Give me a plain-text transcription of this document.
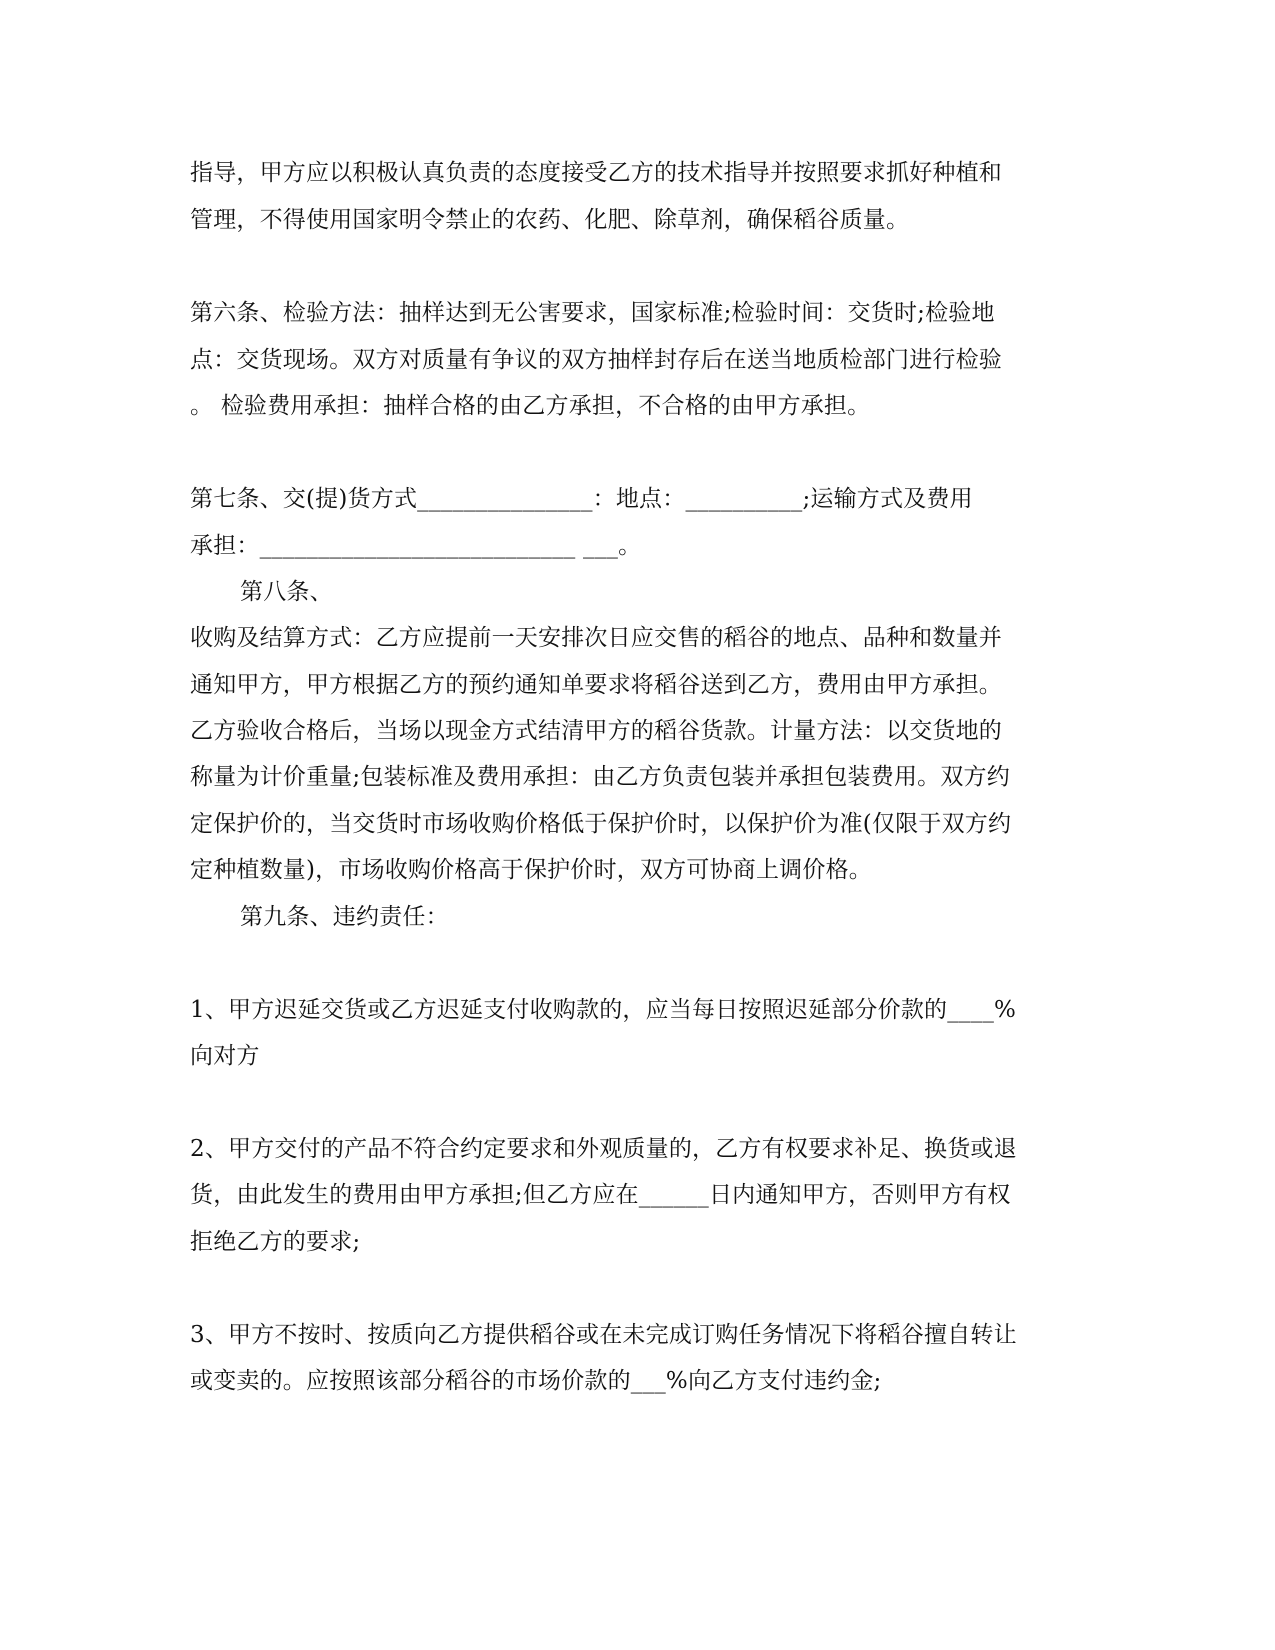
指导，甲方应以积极认真负责的态度接受乙方的技术指导并按照要求抓好种植和
管理，不得使用国家明令禁止的农药、化肥、除草剂，确保稻谷质量。
第六条、检验方法：抽样达到无公害要求，国家标准;检验时间：交货时;检验地
点：交货现场。双方对质量有争议的双方抽样封存后在送当地质检部门进行检验
。 检验费用承担：抽样合格的由乙方承担，不合格的由甲方承担。
第七条、交(提)货方式_______________：地点：__________;运输方式及费用
承担：___________________________ ___。
第八条、
收购及结算方式：乙方应提前一天安排次日应交售的稻谷的地点、品种和数量并
通知甲方，甲方根据乙方的预约通知单要求将稻谷送到乙方，费用由甲方承担。
乙方验收合格后，当场以现金方式结清甲方的稻谷货款。计量方法：以交货地的
称量为计价重量;包装标准及费用承担：由乙方负责包装并承担包装费用。双方约
定保护价的，当交货时市场收购价格低于保护价时，以保护价为准(仅限于双方约
定种植数量)，市场收购价格高于保护价时，双方可协商上调价格。
第九条、违约责任：
1、甲方迟延交货或乙方迟延支付收购款的，应当每日按照迟延部分价款的____%
向对方
2、甲方交付的产品不符合约定要求和外观质量的，乙方有权要求补足、换货或退
货，由此发生的费用由甲方承担;但乙方应在______日内通知甲方，否则甲方有权
拒绝乙方的要求;
3、甲方不按时、按质向乙方提供稻谷或在未完成订购任务情况下将稻谷擅自转让
或变卖的。应按照该部分稻谷的市场价款的___%向乙方支付违约金;
